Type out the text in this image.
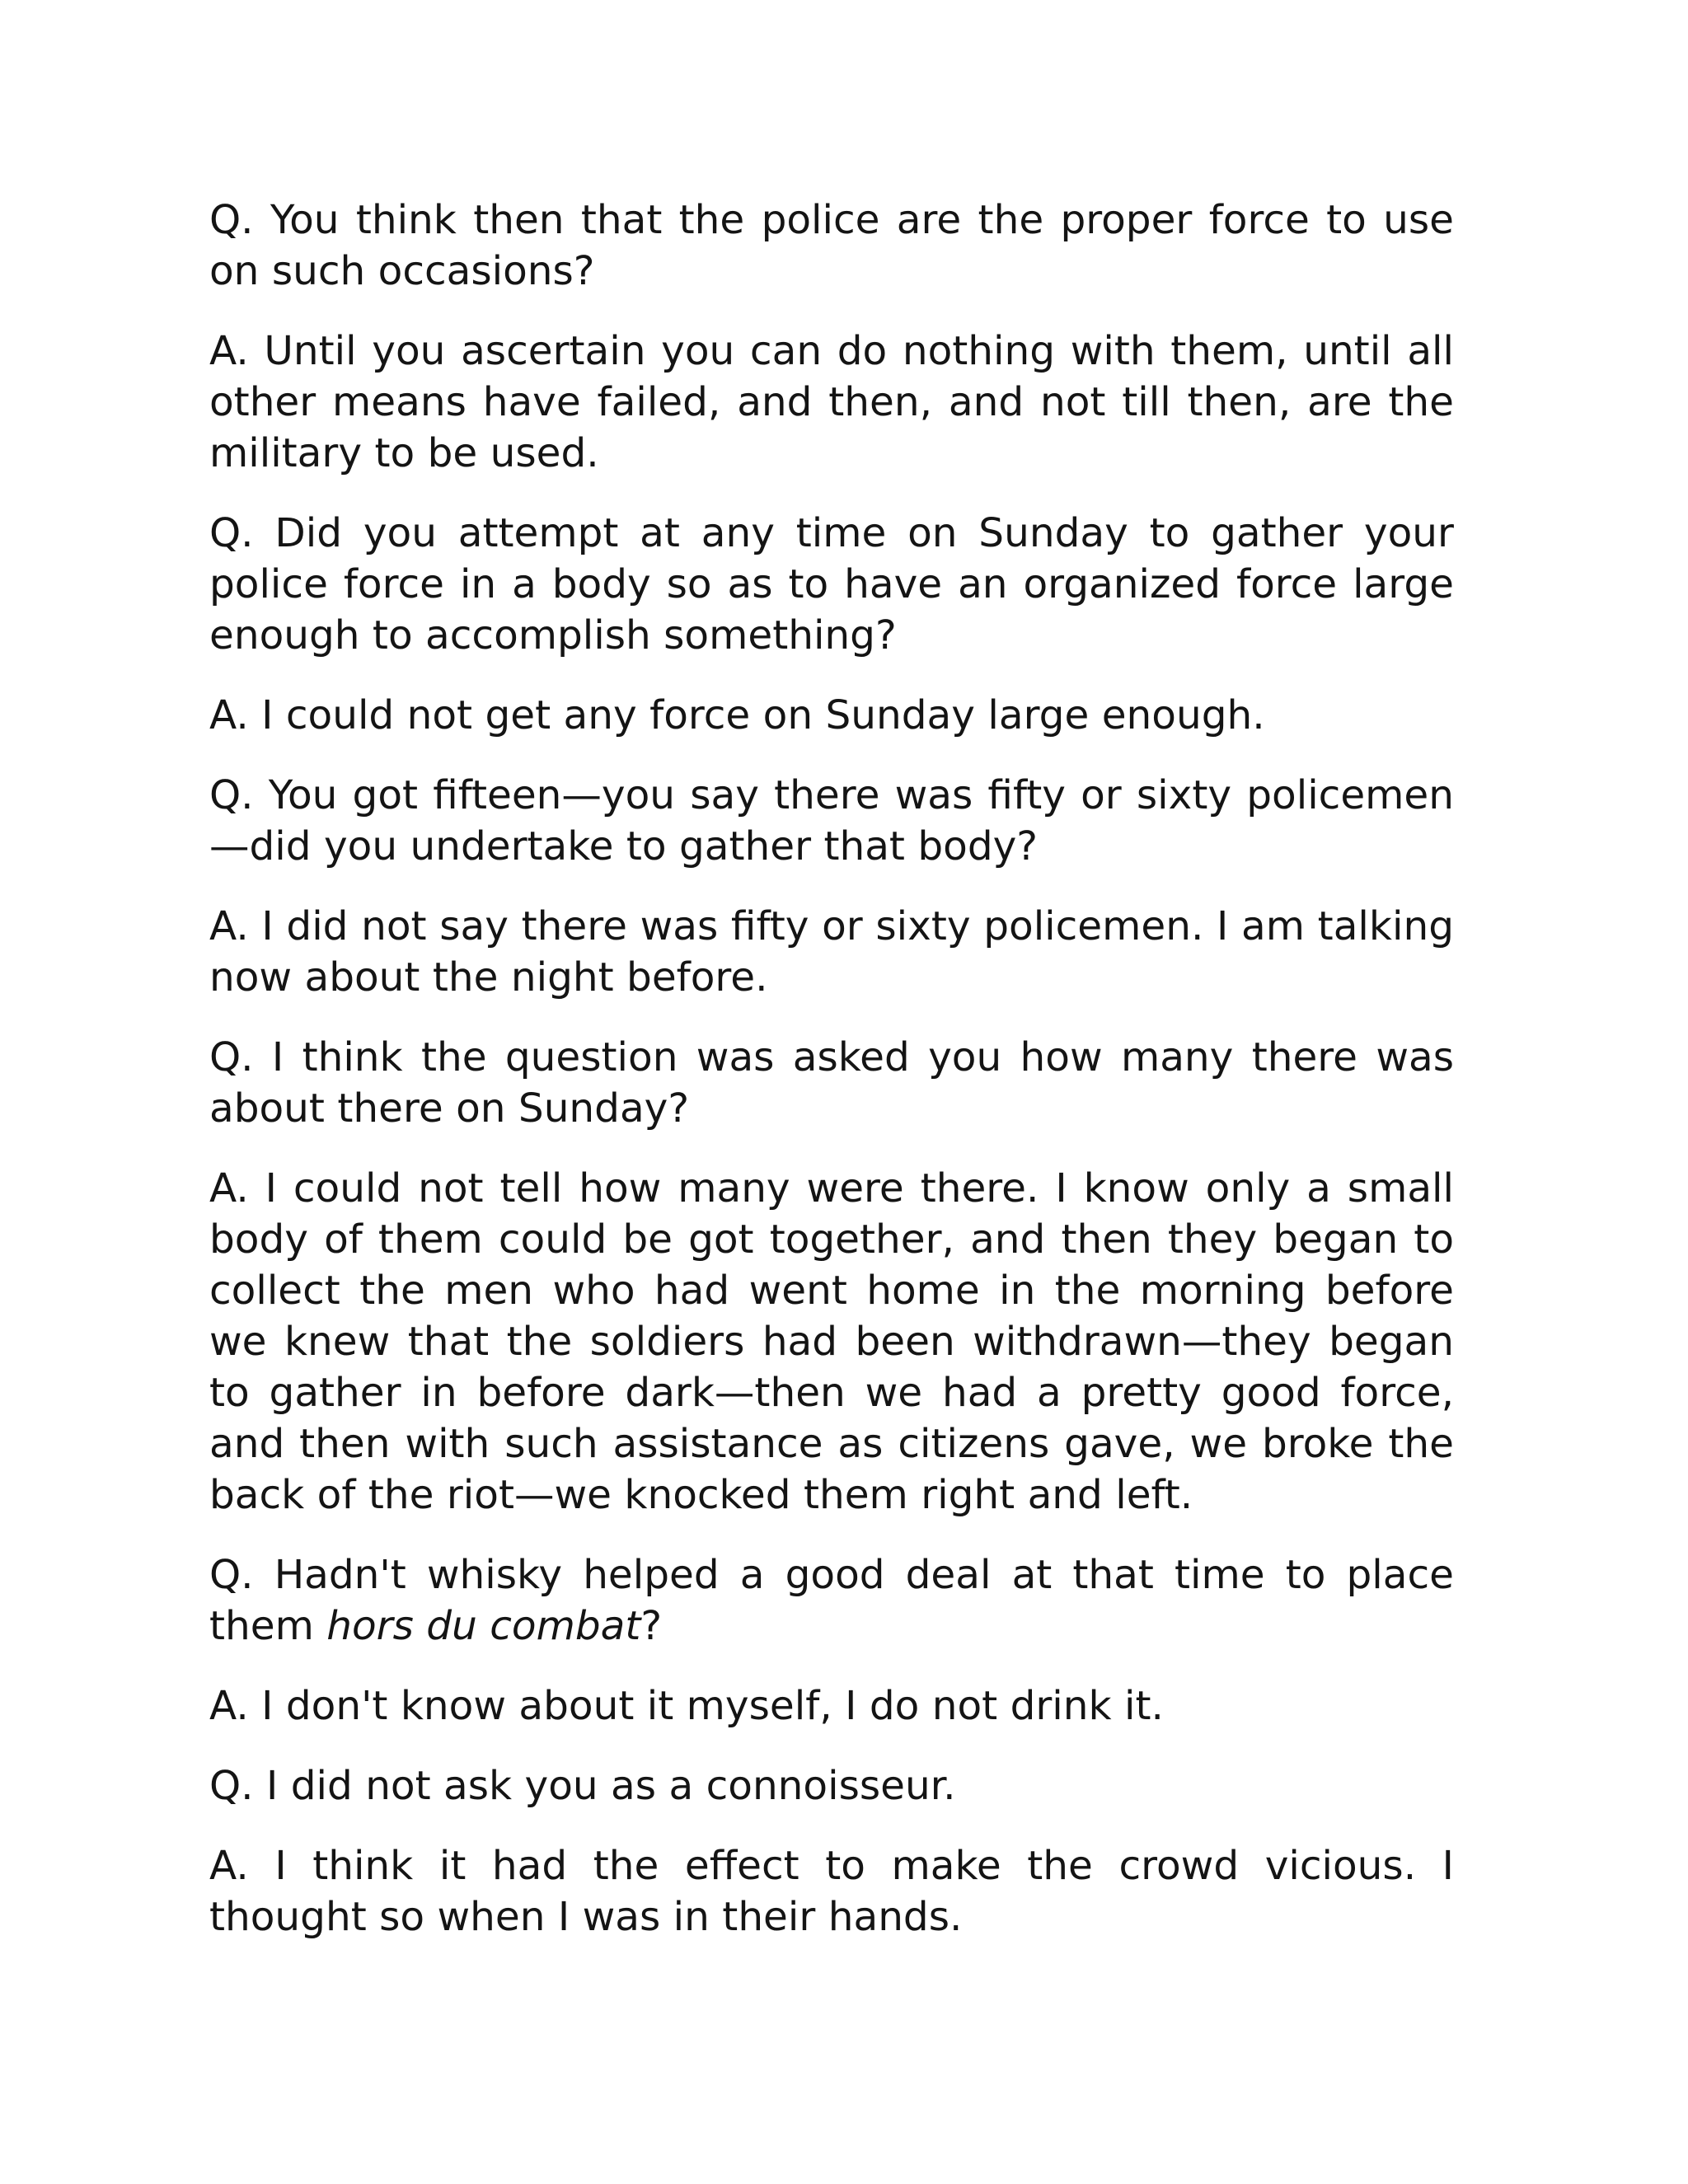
Q. You think then that the police are the proper force to use on such occasions?

A. Until you ascertain you can do nothing with them, until all other means have failed, and then, and not till then, are the military to be used.

Q. Did you attempt at any time on Sunday to gather your police force in a body so as to have an organized force large enough to accomplish something?

A. I could not get any force on Sunday large enough.

Q. You got fifteen—you say there was fifty or sixty policemen—did you undertake to gather that body?

A. I did not say there was fifty or sixty policemen. I am talking now about the night before.

Q. I think the question was asked you how many there was about there on Sunday?

A. I could not tell how many were there. I know only a small body of them could be got together, and then they began to collect the men who had went home in the morning before we knew that the soldiers had been withdrawn—they began to gather in before dark—then we had a pretty good force, and then with such assistance as citizens gave, we broke the back of the riot—we knocked them right and left.

Q. Hadn't whisky helped a good deal at that time to place them hors du combat?

A. I don't know about it myself, I do not drink it.

Q. I did not ask you as a connoisseur.

A. I think it had the effect to make the crowd vicious. I thought so when I was in their hands.
